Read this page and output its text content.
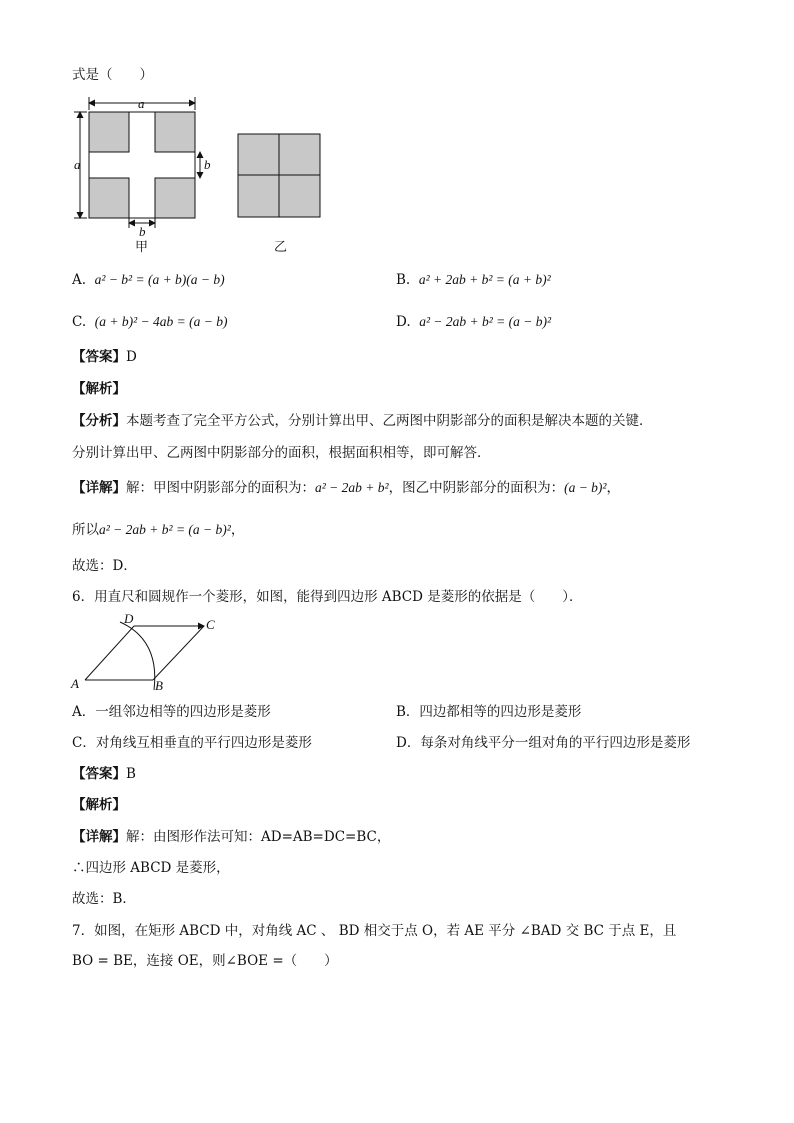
式是（　　）
a
a	b
b
甲	乙
A. a² − b² = (a + b)(a − b)	B. a² + 2ab + b² = (a + b)²
C. (a + b)² − 4ab = (a − b)	D. a² − 2ab + b² = (a − b)²
【答案】D
【解析】
【分析】本题考查了完全平方公式，分别计算出甲、乙两图中阴影部分的面积是解决本题的关键．
分别计算出甲、乙两图中阴影部分的面积，根据面积相等，即可解答．
【详解】解：甲图中阴影部分的面积为：a² − 2ab + b²，图乙中阴影部分的面积为：(a − b)²，
所以a² − 2ab + b² = (a − b)²，
故选：D．
6．用直尺和圆规作一个菱形，如图，能得到四边形 ABCD 是菱形的依据是（　　）．
A	B
C
D
A．一组邻边相等的四边形是菱形	B．四边都相等的四边形是菱形
C．对角线互相垂直的平行四边形是菱形	D．每条对角线平分一组对角的平行四边形是菱形
【答案】B
【解析】
【详解】解：由图形作法可知：AD=AB=DC=BC，
∴四边形 ABCD 是菱形，
故选：B．
7．如图，在矩形 ABCD 中，对角线 AC 、 BD 相交于点 O，若 AE 平分 ∠BAD 交 BC 于点 E，且
BO = BE，连接 OE，则∠BOE =（　　）
